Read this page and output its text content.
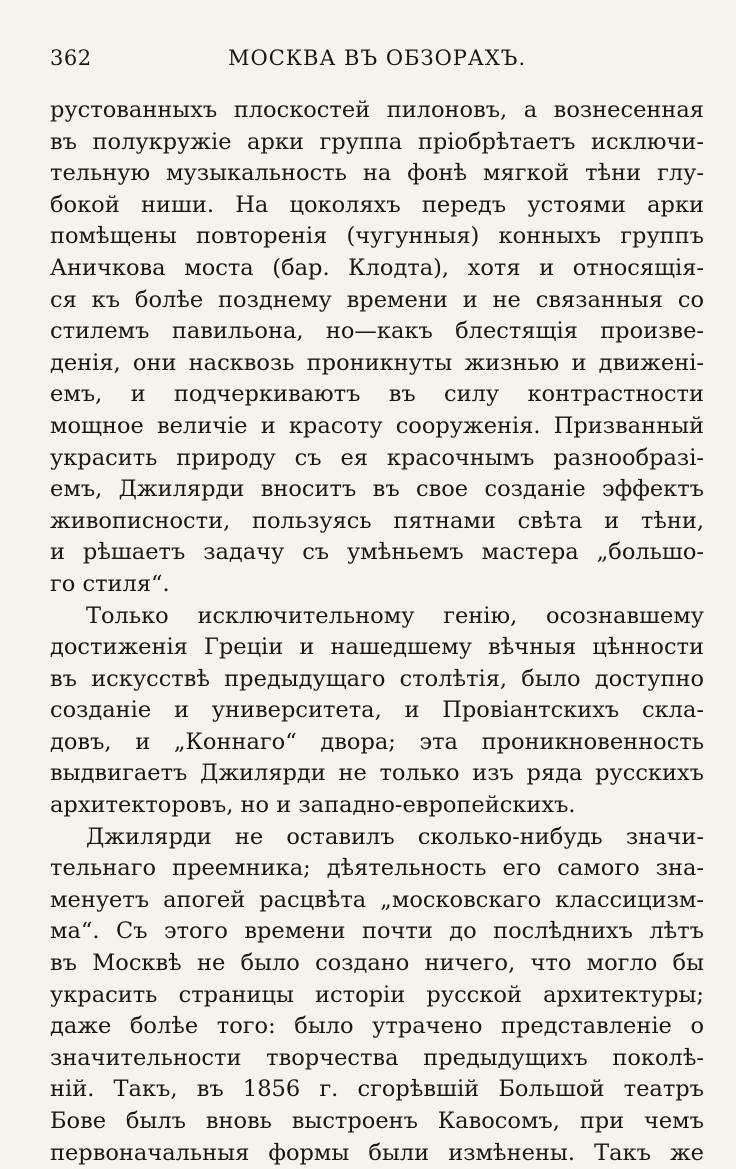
362	МОСКВА ВЪ ОБЗОРАХЪ.
рустованныхъ плоскостей пилоновъ, а вознесенная
въ полукружіе арки группа пріобрѣтаетъ исключи-
тельную музыкальность на фонѣ мягкой тѣни глу-
бокой ниши. На цоколяхъ передъ устоями арки
помѣщены повторенія (чугунныя) конныхъ группъ
Аничкова моста (бар. Клодта), хотя и относящія-
ся къ болѣе позднему времени и не связанныя со
стилемъ павильона, но—какъ блестящія произве-
денія, они насквозь проникнуты жизнью и движені-
емъ, и подчеркиваютъ въ силу контрастности
мощное величіе и красоту сооруженія. Призванный
украсить природу съ ея красочнымъ разнообразі-
емъ, Джилярди вноситъ въ свое созданіе эффектъ
живописности, пользуясь пятнами свѣта и тѣни,
и рѣшаетъ задачу съ умѣньемъ мастера „большо-
го стиля“.
Только исключительному генію, осознавшему
достиженія Греціи и нашедшему вѣчныя цѣнности
въ искусствѣ предыдущаго столѣтія, было доступно
созданіе и университета, и Провіантскихъ скла-
довъ, и „Коннаго“ двора; эта проникновенность
выдвигаетъ Джилярди не только изъ ряда русскихъ
архитекторовъ, но и западно-европейскихъ.
Джилярди не оставилъ сколько-нибудь значи-
тельнаго преемника; дѣятельность его самого зна-
менуетъ апогей расцвѣта „московскаго классицизм-
ма“. Съ этого времени почти до послѣднихъ лѣтъ
въ Москвѣ не было создано ничего, что могло бы
украсить страницы исторіи русской архитектуры;
даже болѣе того: было утрачено представленіе о
значительности творчества предыдущихъ поколѣ-
ній. Такъ, въ 1856 г. сгорѣвшій Большой театръ
Бове былъ вновь выстроенъ Кавосомъ, при чемъ
первоначальныя формы были измѣнены. Такъ же
